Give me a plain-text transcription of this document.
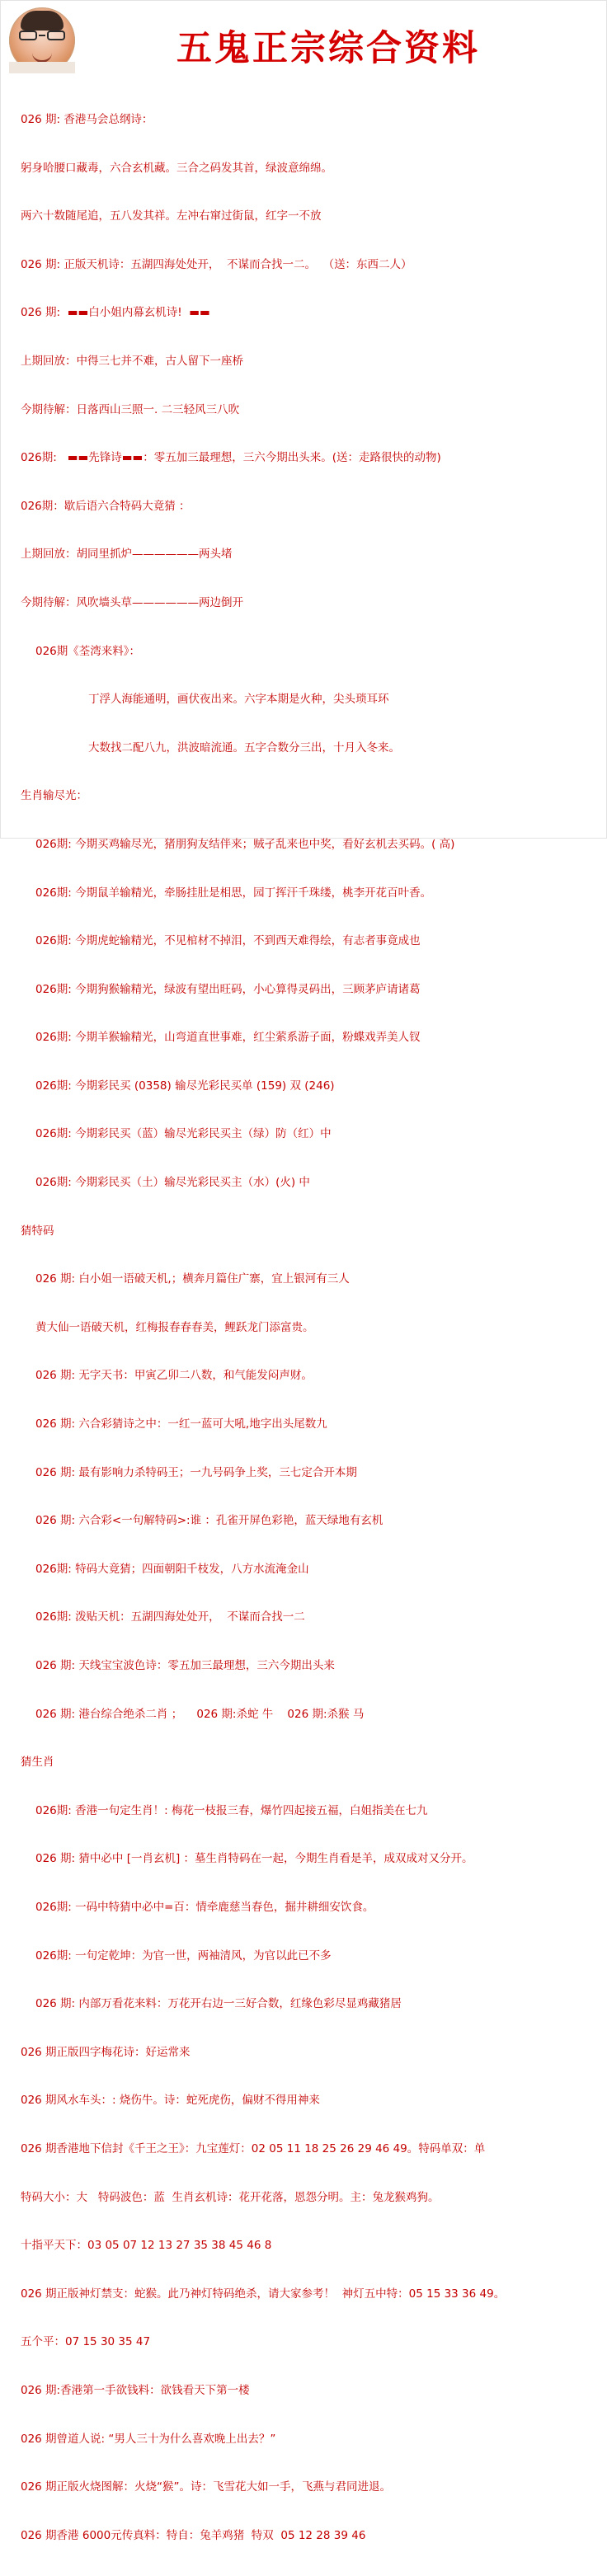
五鬼正宗综合资料

026 期: 香港马会总纲诗：

躬身哈腰口藏毒，六合玄机藏。三合之码发其首，绿波意绵绵。

两六十数随尾追，五八发其祥。左冲右窜过街鼠，红字一不放

026 期: 正版天机诗：五湖四海处处开，  不谋而合找一二。  （送：东西二人）

026 期:  ▬▬白小姐内幕玄机诗!  ▬▬

上期回放：中得三七并不难，古人留下一座桥

今期待解：日落西山三照一. 二三轻风三八吹

026期:   ▬▬先锋诗▬▬：零五加三最理想，三六今期出头来。(送：走路很快的动物)

026期：歇后语六合特码大竟猜 ：

上期回放：胡同里抓炉——————两头堵

今期待解：风吹墙头草——————两边倒开

026期《荃湾来料》：

丁浮人海能通明，画伏夜出来。六字本期是火种，尖头琐耳环

大数找二配八九，洪波暗流通。五字合数分三出，十月入冬来。

生肖输尽光：

026期: 今期买鸡输尽光，猪朋狗友结伴来；贼孑乱来也中奖，看好玄机去买码。( 高)

026期: 今期鼠羊输精光，牵肠挂肚是相思，园丁挥汗千珠缕，桃李开花百叶香。

026期: 今期虎蛇输精光，不见棺材不掉泪，不到西天难得绘，有志者事竟成也

026期: 今期狗猴输精光，绿波有望出旺码，小心算得灵码出，三顾茅庐请诸葛

026期: 今期羊猴输精光，山弯道直世事难，红尘萦系游子面，粉蝶戏弄美人钗

026期: 今期彩民买 (0358) 输尽光彩民买单 (159) 双 (246)

026期: 今期彩民买（蓝）输尽光彩民买主（绿）防（红）中

026期: 今期彩民买（土）输尽光彩民买主（水）(火) 中

猜特码

026 期: 白小姐一语破天机,；横奔月篇住广寨，宜上银河有三人

黄大仙一语破天机，红梅报春春春美，鲤跃龙门添富贵。

026 期: 无字天书：甲寅乙卯二八数，和气能发闷声财。

026 期: 六合彩猜诗之中：一红一蓝可大吼,地字出头尾数九

026 期: 最有影响力杀特码王；一九号码争上奖，三七定合开本期

026 期: 六合彩<一句解特码>:谁 ：孔雀开屏色彩艳，蓝天绿地有玄机

026期: 特码大竟猜；四面朝阳千枝发，八方水流淹金山

026期: 泼贴天机：五湖四海处处开，  不谋而合找一二

026 期: 天线宝宝波色诗：零五加三最理想，三六今期出头来

026 期: 港台综合绝杀二肖 ；    026 期:杀蛇 牛    026 期:杀猴 马

猜生肖

026期: 香港一句定生肖！: 梅花一枝报三春，爆竹四起接五福，白姐指美在七九

026 期: 猜中必中 [一肖玄机] ：墓生肖特码在一起，今期生肖看是羊，成双成对又分开。

026期: 一码中特猜中必中=百：情牵鹿慈当春色，掘井耕细安饮食。

026期: 一句定乾坤：为官一世，两袖清风，为官以此已不多

026 期: 内部万看花来料：万花开右边一三好合数，红缘色彩尽显鸡藏猪居

026 期正版四字梅花诗：好运常来

026 期风水车头：: 烧伤牛。诗：蛇死虎伤，偏财不得用神来

026 期香港地下信封《千王之王》：九宝莲灯：02 05 11 18 25 26 29 46 49。特码单双：单

特码大小：大   特码波色：蓝  生肖玄机诗：花开花落，恩怨分明。主：兔龙猴鸡狗。

十指平天下：03 05 07 12 13 27 35 38 45 46 8

026 期正版神灯禁支：蛇猴。此乃神灯特码绝杀，请大家参考！  神灯五中特：05 15 33 36 49。

五个平：07 15 30 35 47

026 期:香港第一手欲钱料：欲钱看天下第一楼

026 期曾道人说: “男人三十为什么喜欢晚上出去？”

026 期正版火烧图解：火烧“猴”。诗：飞雪花大如一手，飞燕与君同进退。

026 期香港 6000元传真料：特自：兔羊鸡猪  特双  05 12 28 39 46
